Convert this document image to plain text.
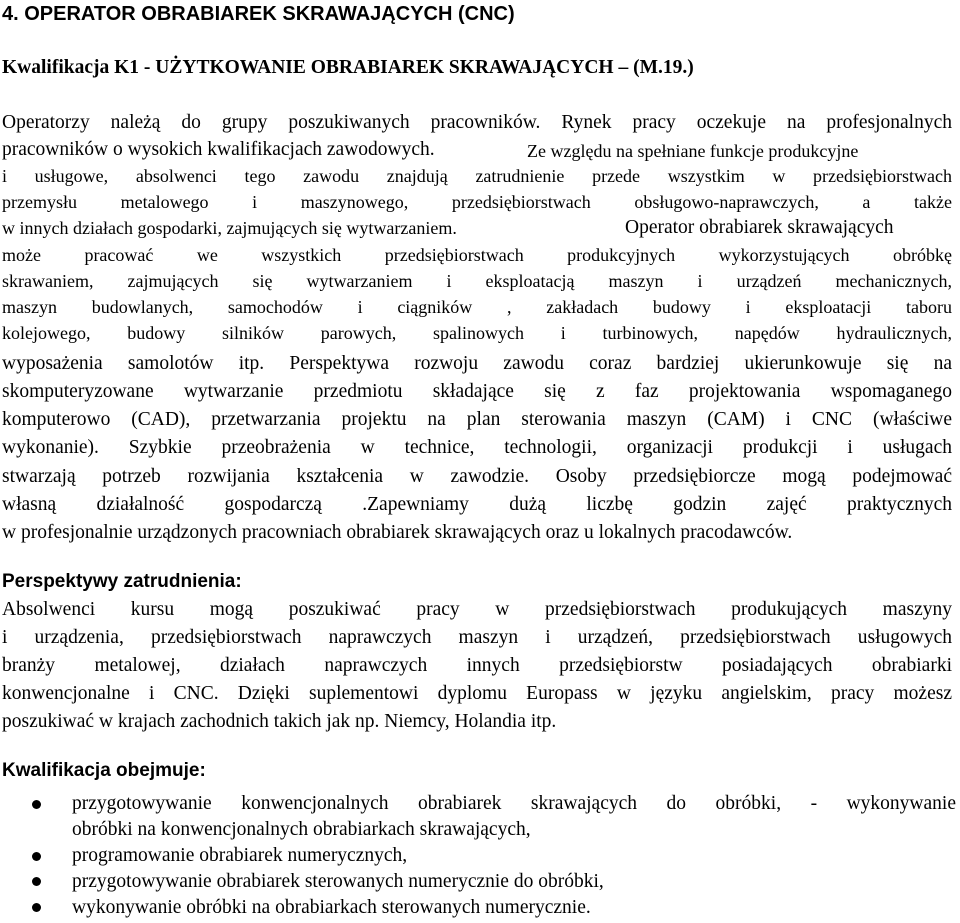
4. OPERATOR OBRABIAREK SKRAWAJĄCYCH (CNC)
Kwalifikacja K1 - UŻYTKOWANIE OBRABIAREK SKRAWAJĄCYCH – (M.19.)
Operatorzy należą do grupy poszukiwanych pracowników. Rynek pracy oczekuje na profesjonalnych
pracowników o wysokich kwalifikacjach zawodowych.	Ze względu na spełniane funkcje produkcyjne
i usługowe, absolwenci tego zawodu znajdują zatrudnienie przede wszystkim w przedsiębiorstwach
przemysłu metalowego i maszynowego, przedsiębiorstwach obsługowo-naprawczych, a także
w innych działach gospodarki, zajmujących się wytwarzaniem.	Operator obrabiarek skrawających
może pracować we wszystkich przedsiębiorstwach produkcyjnych wykorzystujących obróbkę
skrawaniem, zajmujących się wytwarzaniem i eksploatacją maszyn i urządzeń mechanicznych,
maszyn budowlanych, samochodów i ciągników , zakładach budowy i eksploatacji taboru
kolejowego, budowy silników parowych, spalinowych i turbinowych, napędów hydraulicznych,
wyposażenia samolotów itp. Perspektywa rozwoju zawodu coraz bardziej ukierunkowuje się na
skomputeryzowane wytwarzanie przedmiotu składające się z faz projektowania wspomaganego
komputerowo (CAD), przetwarzania projektu na plan sterowania maszyn (CAM) i CNC (właściwe
wykonanie). Szybkie przeobrażenia w technice, technologii, organizacji produkcji i usługach
stwarzają potrzeb rozwijania kształcenia w zawodzie. Osoby przedsiębiorcze mogą podejmować
własną działalność gospodarczą .Zapewniamy dużą liczbę godzin zajęć praktycznych
w profesjonalnie urządzonych pracowniach obrabiarek skrawających oraz u lokalnych pracodawców.
Perspektywy zatrudnienia:
Absolwenci kursu mogą poszukiwać pracy w przedsiębiorstwach produkujących maszyny
i urządzenia, przedsiębiorstwach naprawczych maszyn i urządzeń, przedsiębiorstwach usługowych
branży metalowej, działach naprawczych innych przedsiębiorstw posiadających obrabiarki
konwencjonalne i CNC. Dzięki suplementowi dyplomu Europass w języku angielskim, pracy możesz
poszukiwać w krajach zachodnich takich jak np. Niemcy, Holandia itp.
Kwalifikacja obejmuje:
przygotowywanie konwencjonalnych obrabiarek skrawających do obróbki, - wykonywanie
obróbki na konwencjonalnych obrabiarkach skrawających,
programowanie obrabiarek numerycznych,
przygotowywanie obrabiarek sterowanych numerycznie do obróbki,
wykonywanie obróbki na obrabiarkach sterowanych numerycznie.
